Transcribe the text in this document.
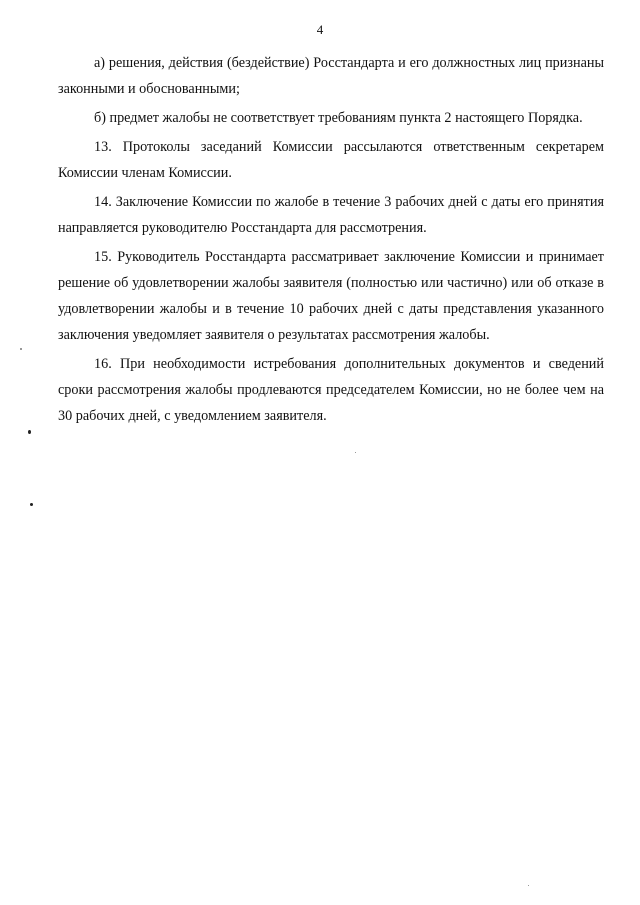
4

а) решения, действия (бездействие) Росстандарта и его должностных лиц признаны законными и обоснованными;

б) предмет жалобы не соответствует требованиям пункта 2 настоящего Порядка.

13. Протоколы заседаний Комиссии рассылаются ответственным секретарем Комиссии членам Комиссии.

14. Заключение Комиссии по жалобе в течение 3 рабочих дней с даты его принятия направляется руководителю Росстандарта для рассмотрения.

15. Руководитель Росстандарта рассматривает заключение Комиссии и принимает решение об удовлетворении жалобы заявителя (полностью или частично) или об отказе в удовлетворении жалобы и в течение 10 рабочих дней с даты представления указанного заключения уведомляет заявителя о результатах рассмотрения жалобы.

16. При необходимости истребования дополнительных документов и сведений сроки рассмотрения жалобы продлеваются председателем Комиссии, но не более чем на 30 рабочих дней, с уведомлением заявителя.
